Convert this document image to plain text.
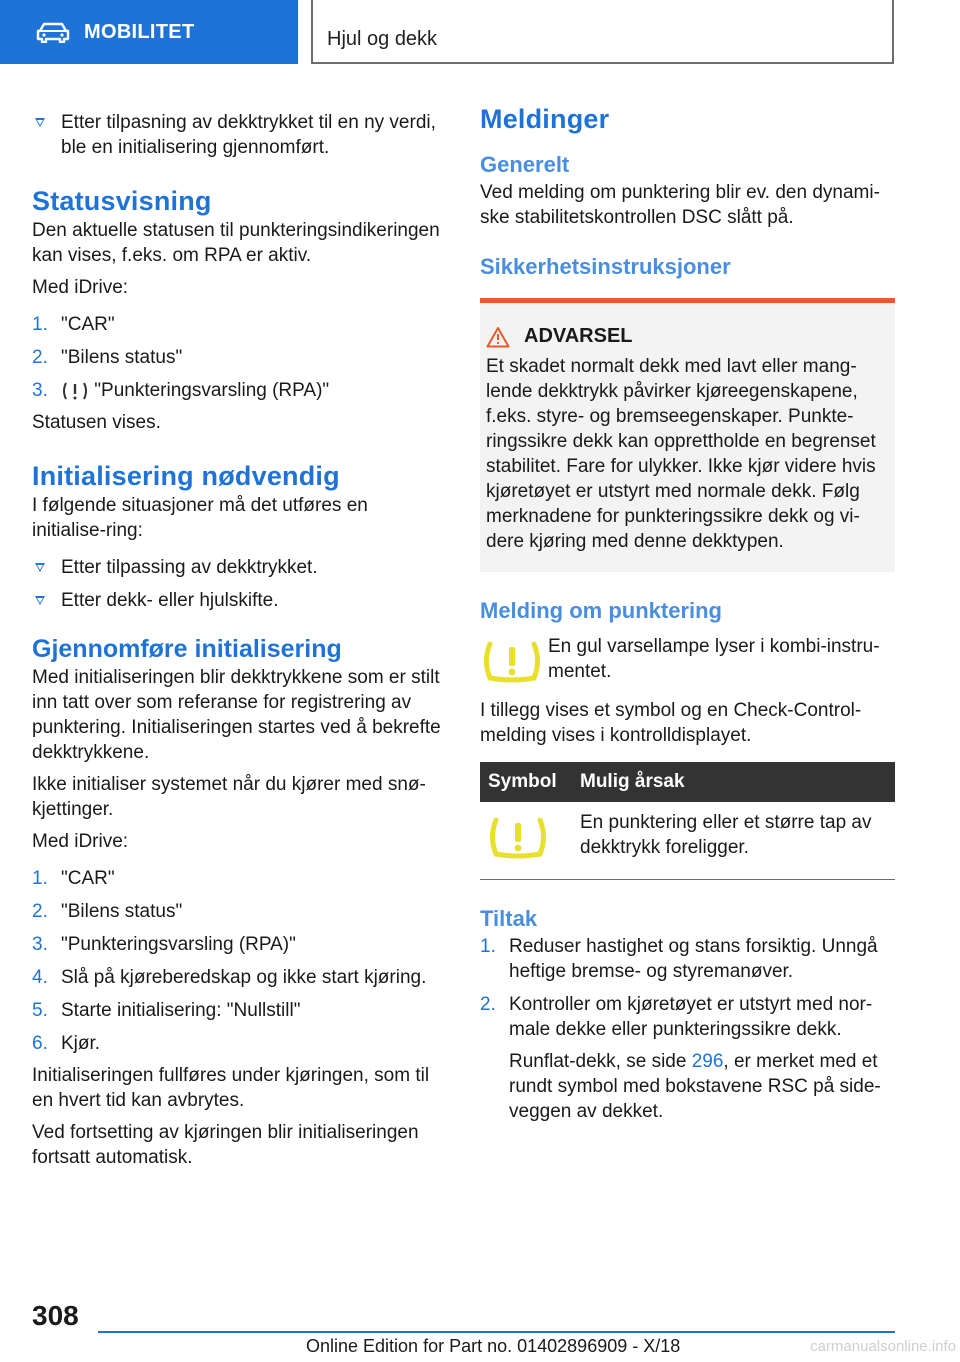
MOBILITET	Hjul og dekk
Etter tilpasning av dekktrykket til en ny verdi, ble en initialisering gjennomført.
Statusvisning

Den aktuelle statusen til punkteringsindikeringen kan vises, f.eks. om RPA er aktiv.

Med iDrive:

1. "CAR"
2. "Bilens status"
3. "Punkteringsvarsling (RPA)"

Statusen vises.

Initialisering nødvendig

I følgende situasjoner må det utføres en initialise-ring:

Etter tilpassing av dekktrykket.
Etter dekk- eller hjulskifte.
Gjennomføre initialisering

Med initialiseringen blir dekktrykkene som er stilt inn tatt over som referanse for registrering av punktering. Initialiseringen startes ved å bekrefte dekktrykkene.

Ikke initialiser systemet når du kjører med snø-kjettinger.

Med iDrive:

1. "CAR"
2. "Bilens status"
3. "Punkteringsvarsling (RPA)"
4. Slå på kjøreberedskap og ikke start kjøring.
5. Starte initialisering: "Nullstill"
6. Kjør.

Initialiseringen fullføres under kjøringen, som til en hvert tid kan avbrytes.

Ved fortsetting av kjøringen blir initialiseringen fortsatt automatisk.

Meldinger
Generelt

Ved melding om punktering blir ev. den dynami-ske stabilitetskontrollen DSC slått på.

Sikkerhetsinstruksjoner
ADVARSEL

Et skadet normalt dekk med lavt eller mang-lende dekktrykk påvirker kjøreegenskapene, f.eks. styre- og bremseegenskaper. Punkte-ringssikre dekk kan opprettholde en begrenset stabilitet. Fare for ulykker. Ikke kjør videre hvis kjøretøyet er utstyrt med normale dekk. Følg merknadene for punkteringssikre dekk og vi-dere kjøring med denne dekktypen.

Melding om punktering

En gul varsellampe lyser i kombi-instru-mentet.

I tillegg vises et symbol og en Check-Control-melding vises i kontrolldisplayet.

Symbol	Mulig årsak
	En punktering eller et større tap av dekktrykk foreligger.
Tiltak
1. Reduser hastighet og stans forsiktig. Unngå heftige bremse- og styremanøver.
2. Kontroller om kjøretøyet er utstyrt med nor-male dekke eller punkteringssikre dekk.

Runflat-dekk, se side 296, er merket med et rundt symbol med bokstavene RSC på side-veggen av dekket.

308
Online Edition for Part no. 01402896909 - X/18	carmanualsonline.info
